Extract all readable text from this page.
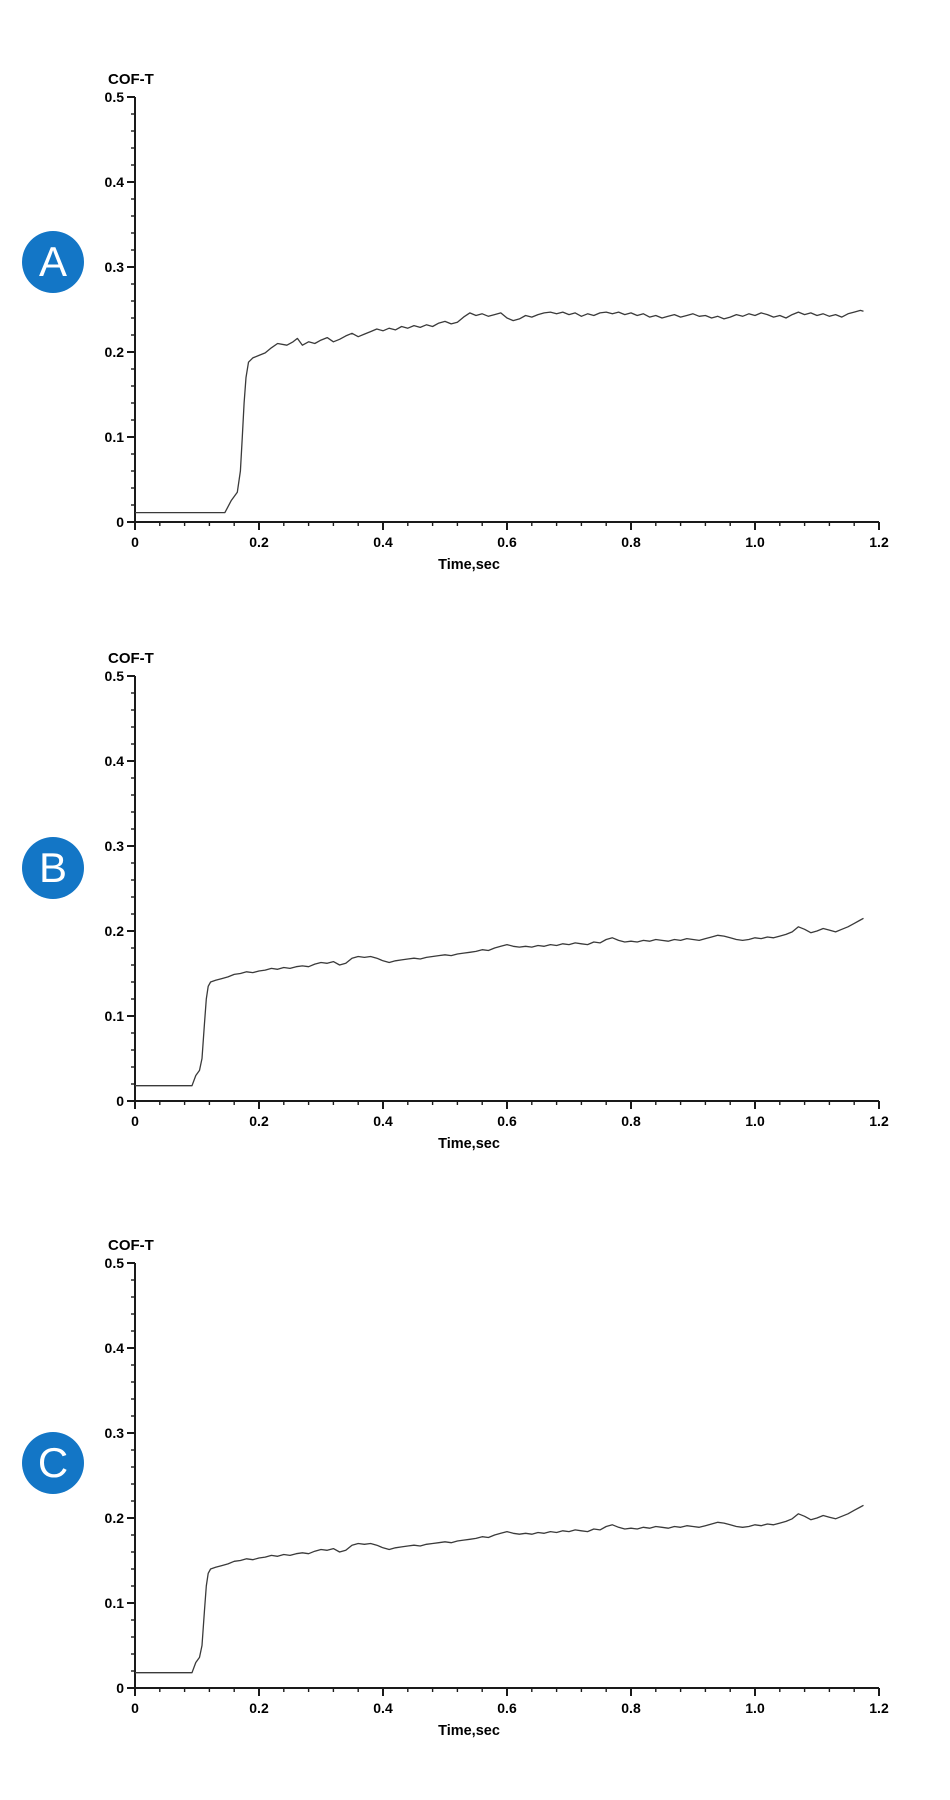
COF-T
0
0.1
0.2
0.3
0.4
0.5
0	0.2	0.4	0.6	0.8	1.0	1.2
Time,sec
COF-T
0
0.1
0.2
0.3
0.4
0.5
0	0.2	0.4	0.6	0.8	1.0	1.2
Time,sec
COF-T
0
0.1
0.2
0.3
0.4
0.5
0	0.2	0.4	0.6	0.8	1.0	1.2
Time,sec
A
B
C
